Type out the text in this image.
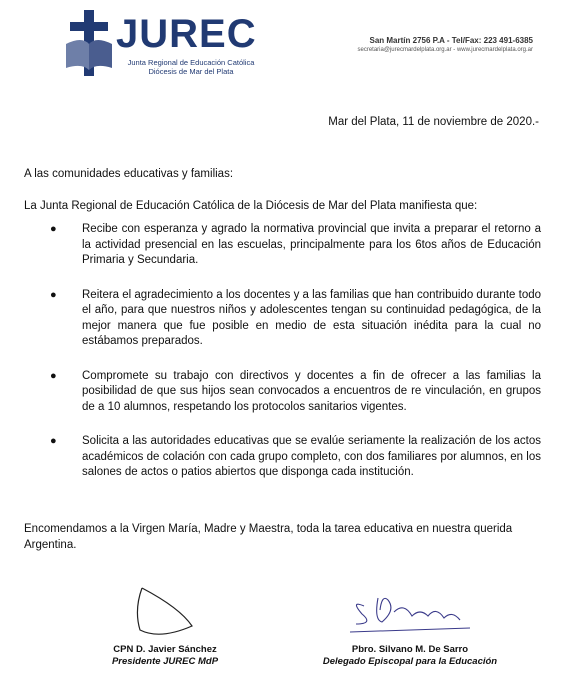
JUREC
Junta Regional de Educación Católica
Diócesis de Mar del Plata
San Martín 2756 P.A - Tel/Fax: 223 491-6385
secretaria@jurecmardelplata.org.ar - www.jurecmardelplata.org.ar
Mar del Plata, 11 de noviembre de 2020.-
A las comunidades educativas y familias:
La Junta Regional de Educación Católica de la Diócesis de Mar del Plata manifiesta que:
● Recibe con esperanza y agrado la normativa provincial que invita a preparar el retorno a la actividad presencial en las escuelas, principalmente para los 6tos años de Educación Primaria y Secundaria.
● Reitera el agradecimiento a los docentes y a las familias que han contribuido durante todo el año, para que nuestros niños y adolescentes tengan su continuidad pedagógica, de la mejor manera que fue posible en medio de esta situación inédita para la cual no estábamos preparados.
● Compromete su trabajo con directivos y docentes a fin de ofrecer a las familias la posibilidad de que sus hijos sean convocados a encuentros de re vinculación, en grupos de a 10 alumnos, respetando los protocolos sanitarios vigentes.
● Solicita a las autoridades educativas que se evalúe seriamente la realización de los actos académicos de colación con cada grupo completo, con dos familiares por alumnos, en los salones de actos o patios abiertos que disponga cada institución.
Encomendamos a la Virgen María, Madre y Maestra, toda la tarea educativa en nuestra querida Argentina.
CPN D. Javier Sánchez
Presidente JUREC MdP
Pbro. Silvano M. De Sarro
Delegado Episcopal para la Educación
